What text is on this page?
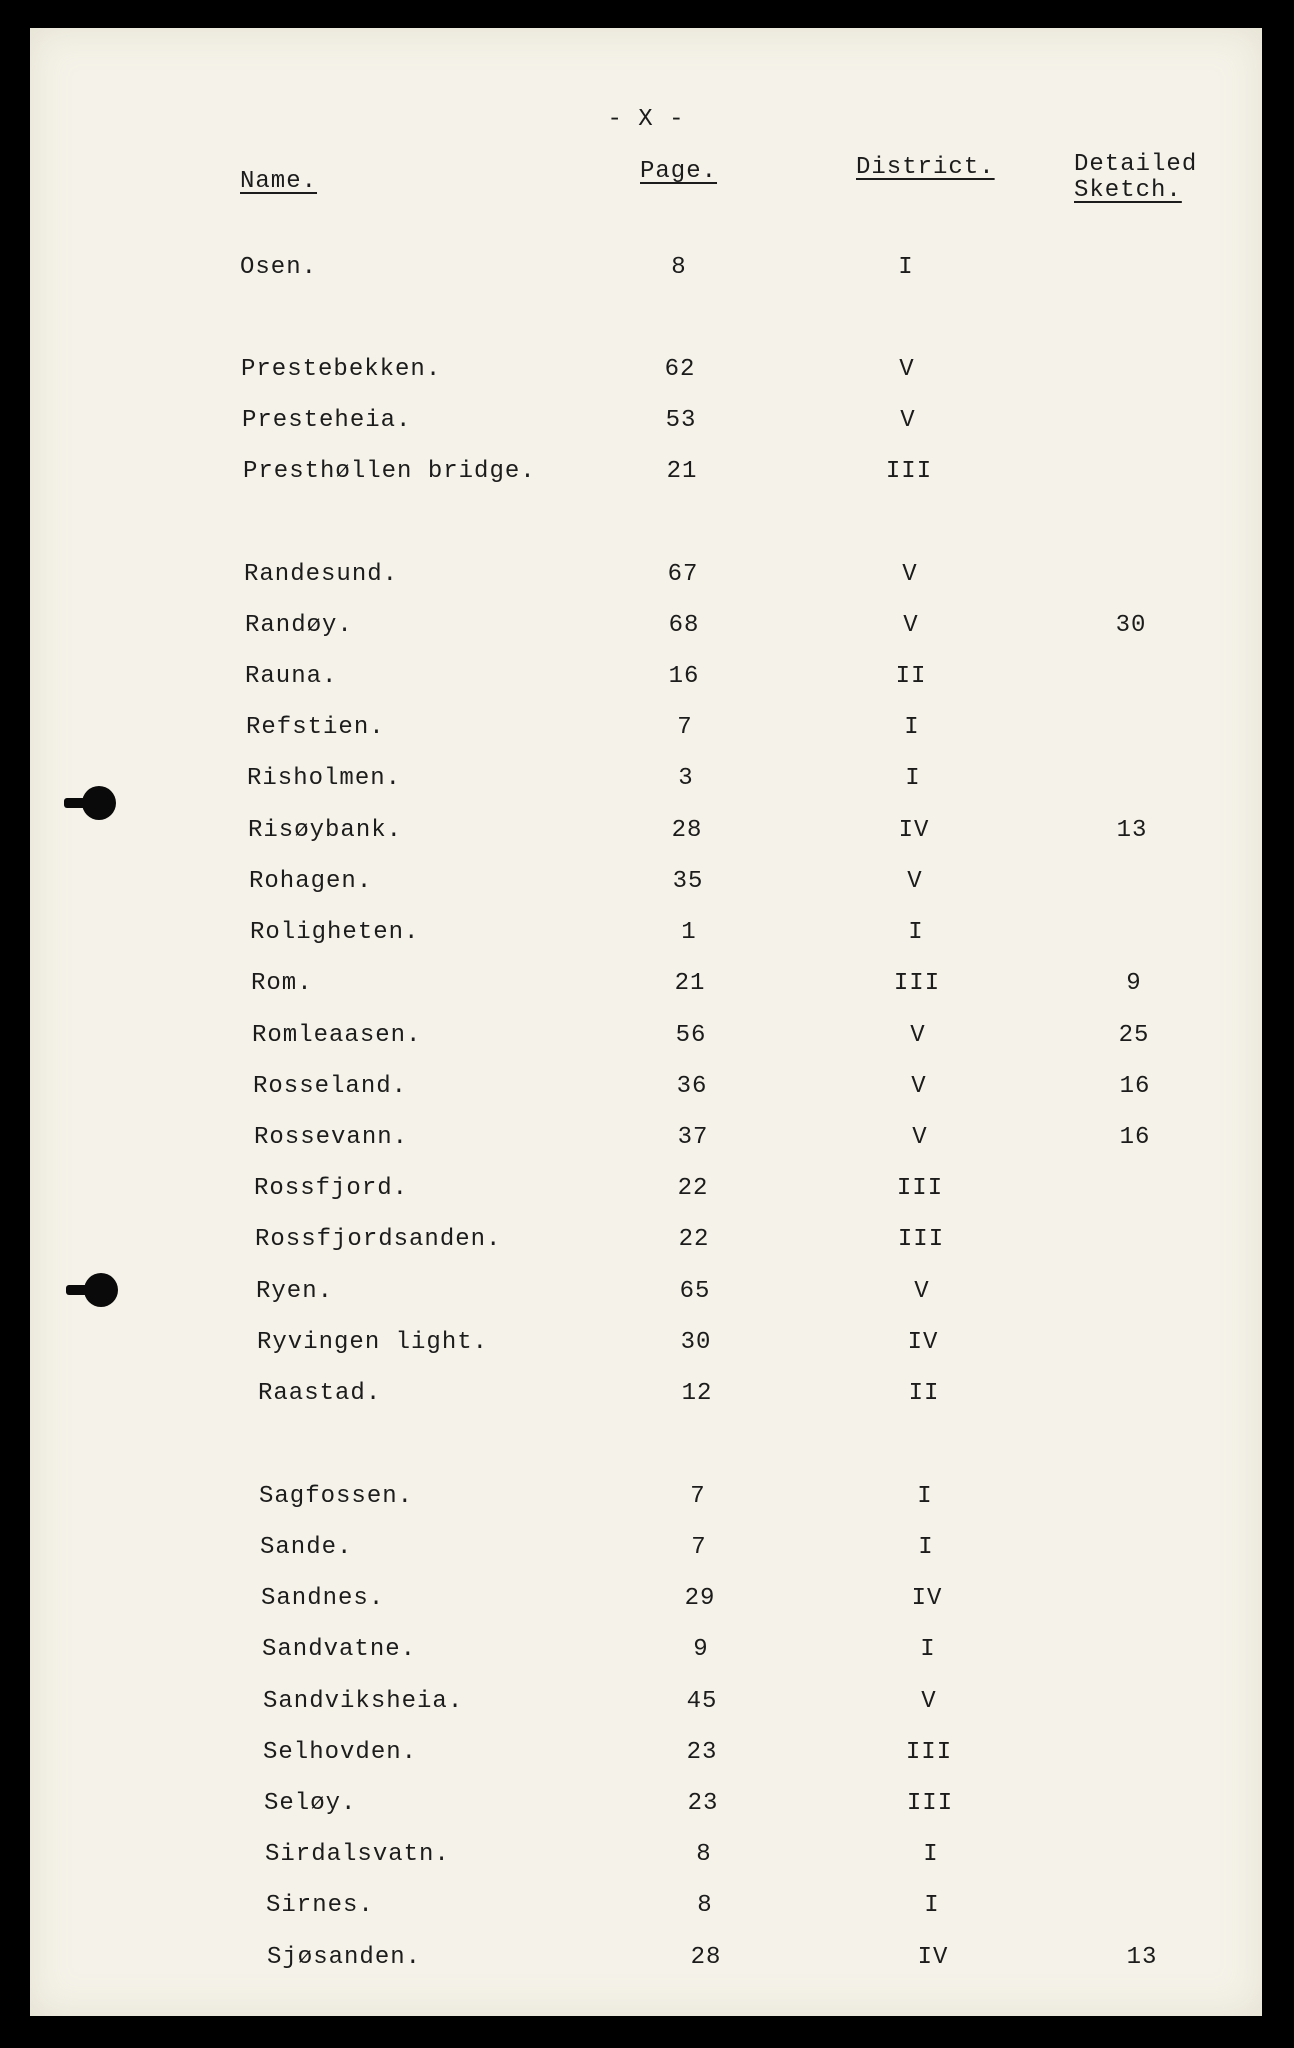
- X -
Name.	Page.	District.	Detailed
Sketch.
Osen.	8	I
Prestebekken.	62	V
Presteheia.	53	V
Presthøllen bridge.	21	III
Randesund.	67	V
Randøy.	68	V	30
Rauna.	16	II
Refstien.	7	I
Risholmen.	3	I
Risøybank.	28	IV	13
Rohagen.	35	V
Roligheten.	1	I
Rom.	21	III	9
Romleaasen.	56	V	25
Rosseland.	36	V	16
Rossevann.	37	V	16
Rossfjord.	22	III
Rossfjordsanden.	22	III
Ryen.	65	V
Ryvingen light.	30	IV
Raastad.	12	II
Sagfossen.	7	I
Sande.	7	I
Sandnes.	29	IV
Sandvatne.	9	I
Sandviksheia.	45	V
Selhovden.	23	III
Seløy.	23	III
Sirdalsvatn.	8	I
Sirnes.	8	I
Sjøsanden.	28	IV	13
